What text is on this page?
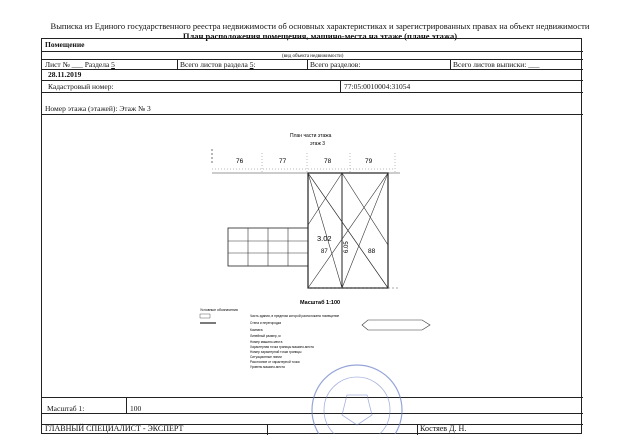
Выписка из Единого государственного реестра недвижимости об основных характеристиках и зарегистрированных правах на объект недвижимости
План расположения помещения, машино-места на этаже (плане этажа)
Помещение
(вид объекта недвижимости)
Лист № ___ Раздела 5	Всего листов раздела 5:	Всего разделов:	Всего листов выписки: ___
28.11.2019
Кадастровый номер:	77:05:0010004:31054
Номер этажа (этажей): Этаж № 3
Масштаб 1:	100
План части этажа
этаж 3
76	77	78	79
3.02
87	88
6.05
Масштаб 1:100
Условные обозначения
Часть здания, в пределах которой расположено помещение
Стена и перегородка
Комната
Линейный размер, м
Номер машино-места
Характерная точка границы машино-места
Номер характерной точки границы
Ситуационные линии
Расстояние от характерной точки
Уровень машино-места
ГЛАВНЫЙ СПЕЦИАЛИСТ - ЭКСПЕРТ	Костяев Д. Н.
